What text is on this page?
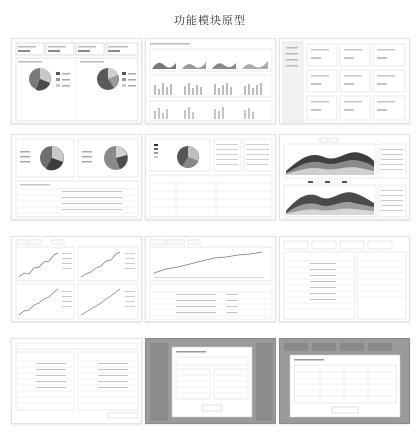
功能模块原型
